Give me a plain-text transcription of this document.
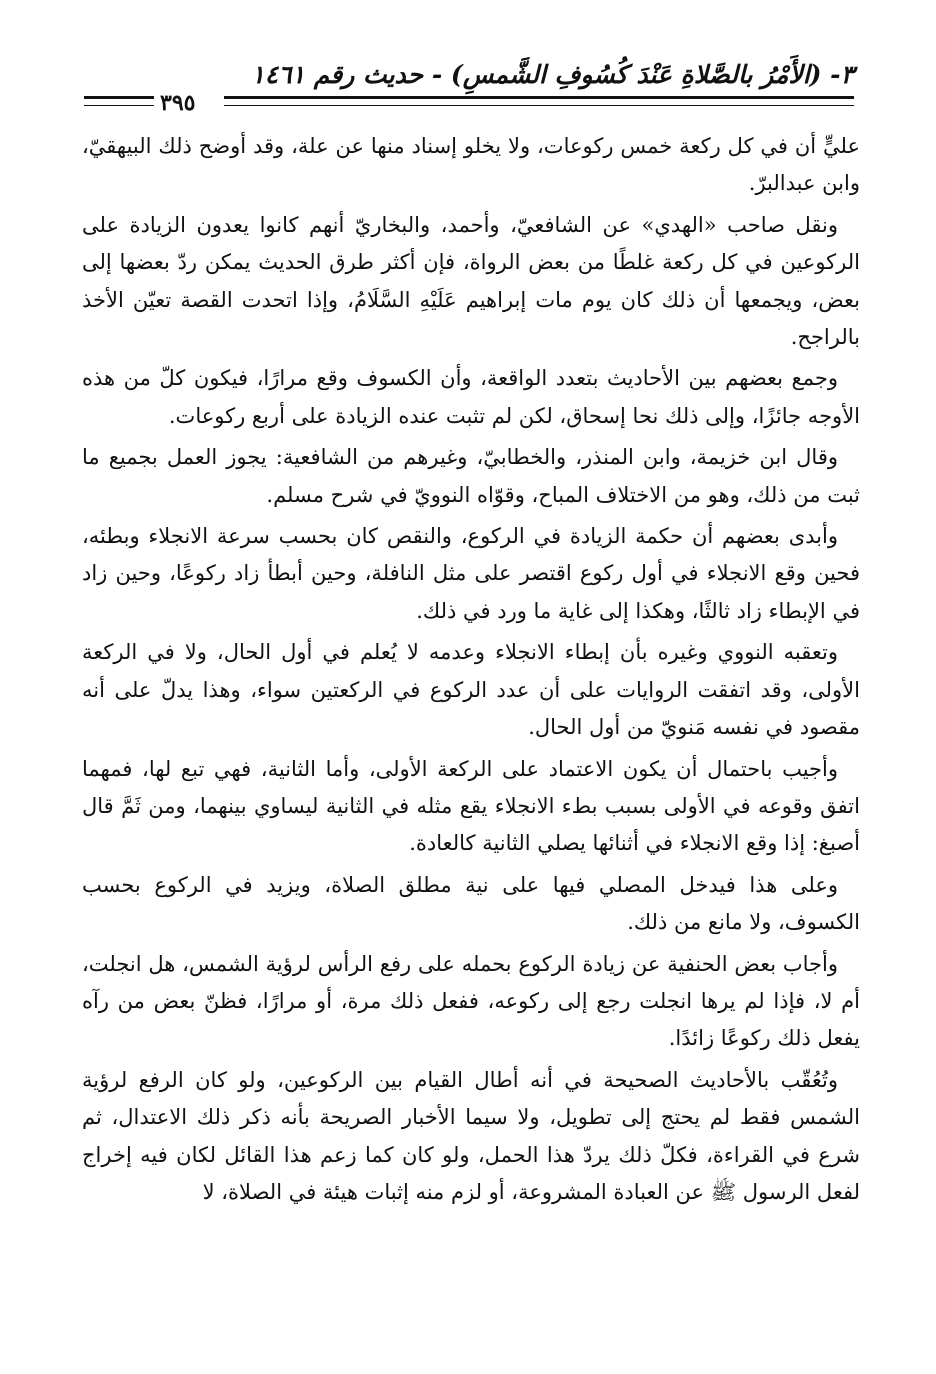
٣- (الأَمْرُ بالصَّلاةِ عَنْدَ كُسُوفِ الشَّمسِ) - حديث رقم ١٤٦١
٣٩٥

عليٍّ أن في كل ركعة خمس ركوعات، ولا يخلو إسناد منها عن علة، وقد أوضح ذلك البيهقيّ، وابن عبدالبرّ.

ونقل صاحب «الهدي» عن الشافعيّ، وأحمد، والبخاريّ أنهم كانوا يعدون الزيادة على الركوعين في كل ركعة غلطًا من بعض الرواة، فإن أكثر طرق الحديث يمكن ردّ بعضها إلى بعض، ويجمعها أن ذلك كان يوم مات إبراهيم عَلَيْهِ السَّلَامُ، وإذا اتحدت القصة تعيّن الأخذ بالراجح.

وجمع بعضهم بين الأحاديث بتعدد الواقعة، وأن الكسوف وقع مرارًا، فيكون كلّ من هذه الأوجه جائزًا، وإلى ذلك نحا إسحاق، لكن لم تثبت عنده الزيادة على أربع ركوعات.

وقال ابن خزيمة، وابن المنذر، والخطابيّ، وغيرهم من الشافعية: يجوز العمل بجميع ما ثبت من ذلك، وهو من الاختلاف المباح، وقوّاه النوويّ في شرح مسلم.

وأبدى بعضهم أن حكمة الزيادة في الركوع، والنقص كان بحسب سرعة الانجلاء وبطئه، فحين وقع الانجلاء في أول ركوع اقتصر على مثل النافلة، وحين أبطأ زاد ركوعًا، وحين زاد في الإبطاء زاد ثالثًا، وهكذا إلى غاية ما ورد في ذلك.

وتعقبه النووي وغيره بأن إبطاء الانجلاء وعدمه لا يُعلم في أول الحال، ولا في الركعة الأولى، وقد اتفقت الروايات على أن عدد الركوع في الركعتين سواء، وهذا يدلّ على أنه مقصود في نفسه مَنويّ من أول الحال.

وأجيب باحتمال أن يكون الاعتماد على الركعة الأولى، وأما الثانية، فهي تبع لها، فمهما اتفق وقوعه في الأولى بسبب بطء الانجلاء يقع مثله في الثانية ليساوي بينهما، ومن ثَمَّ قال أصبغ: إذا وقع الانجلاء في أثنائها يصلي الثانية كالعادة.

وعلى هذا فيدخل المصلي فيها على نية مطلق الصلاة، ويزيد في الركوع بحسب الكسوف، ولا مانع من ذلك.

وأجاب بعض الحنفية عن زيادة الركوع بحمله على رفع الرأس لرؤية الشمس، هل انجلت، أم لا، فإذا لم يرها انجلت رجع إلى ركوعه، ففعل ذلك مرة، أو مرارًا، فظنّ بعض من رآه يفعل ذلك ركوعًا زائدًا.

وتُعُقّب بالأحاديث الصحيحة في أنه أطال القيام بين الركوعين، ولو كان الرفع لرؤية الشمس فقط لم يحتج إلى تطويل، ولا سيما الأخبار الصريحة بأنه ذكر ذلك الاعتدال، ثم شرع في القراءة، فكلّ ذلك يردّ هذا الحمل، ولو كان كما زعم هذا القائل لكان فيه إخراج لفعل الرسول ﷺ عن العبادة المشروعة، أو لزم منه إثبات هيئة في الصلاة، لا
